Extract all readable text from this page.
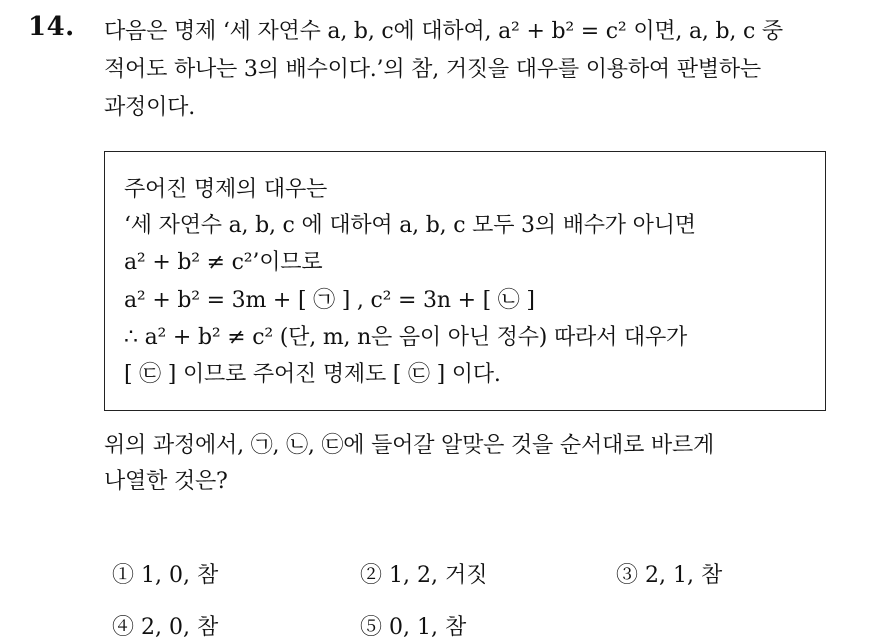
14. 다음은 명제 ‘세 자연수 a, b, c에 대하여, a² + b² = c² 이면, a, b, c 중
적어도 하나는 3의 배수이다.’의 참, 거짓을 대우를 이용하여 판별하는
과정이다.
주어진 명제의 대우는
‘세 자연수 a, b, c 에 대하여 a, b, c 모두 3의 배수가 아니면
a² + b² ≠ c²’이므로
a² + b² = 3m + [ ㉠ ] , c² = 3n + [ ㉡ ]
∴ a² + b² ≠ c² (단, m, n은 음이 아닌 정수) 따라서 대우가
[ ㉢ ] 이므로 주어진 명제도 [ ㉢ ] 이다.
위의 과정에서, ㉠, ㉡, ㉢에 들어갈 알맞은 것을 순서대로 바르게
나열한 것은?
① 1, 0, 참	② 1, 2, 거짓	③ 2, 1, 참
④ 2, 0, 참	⑤ 0, 1, 참
